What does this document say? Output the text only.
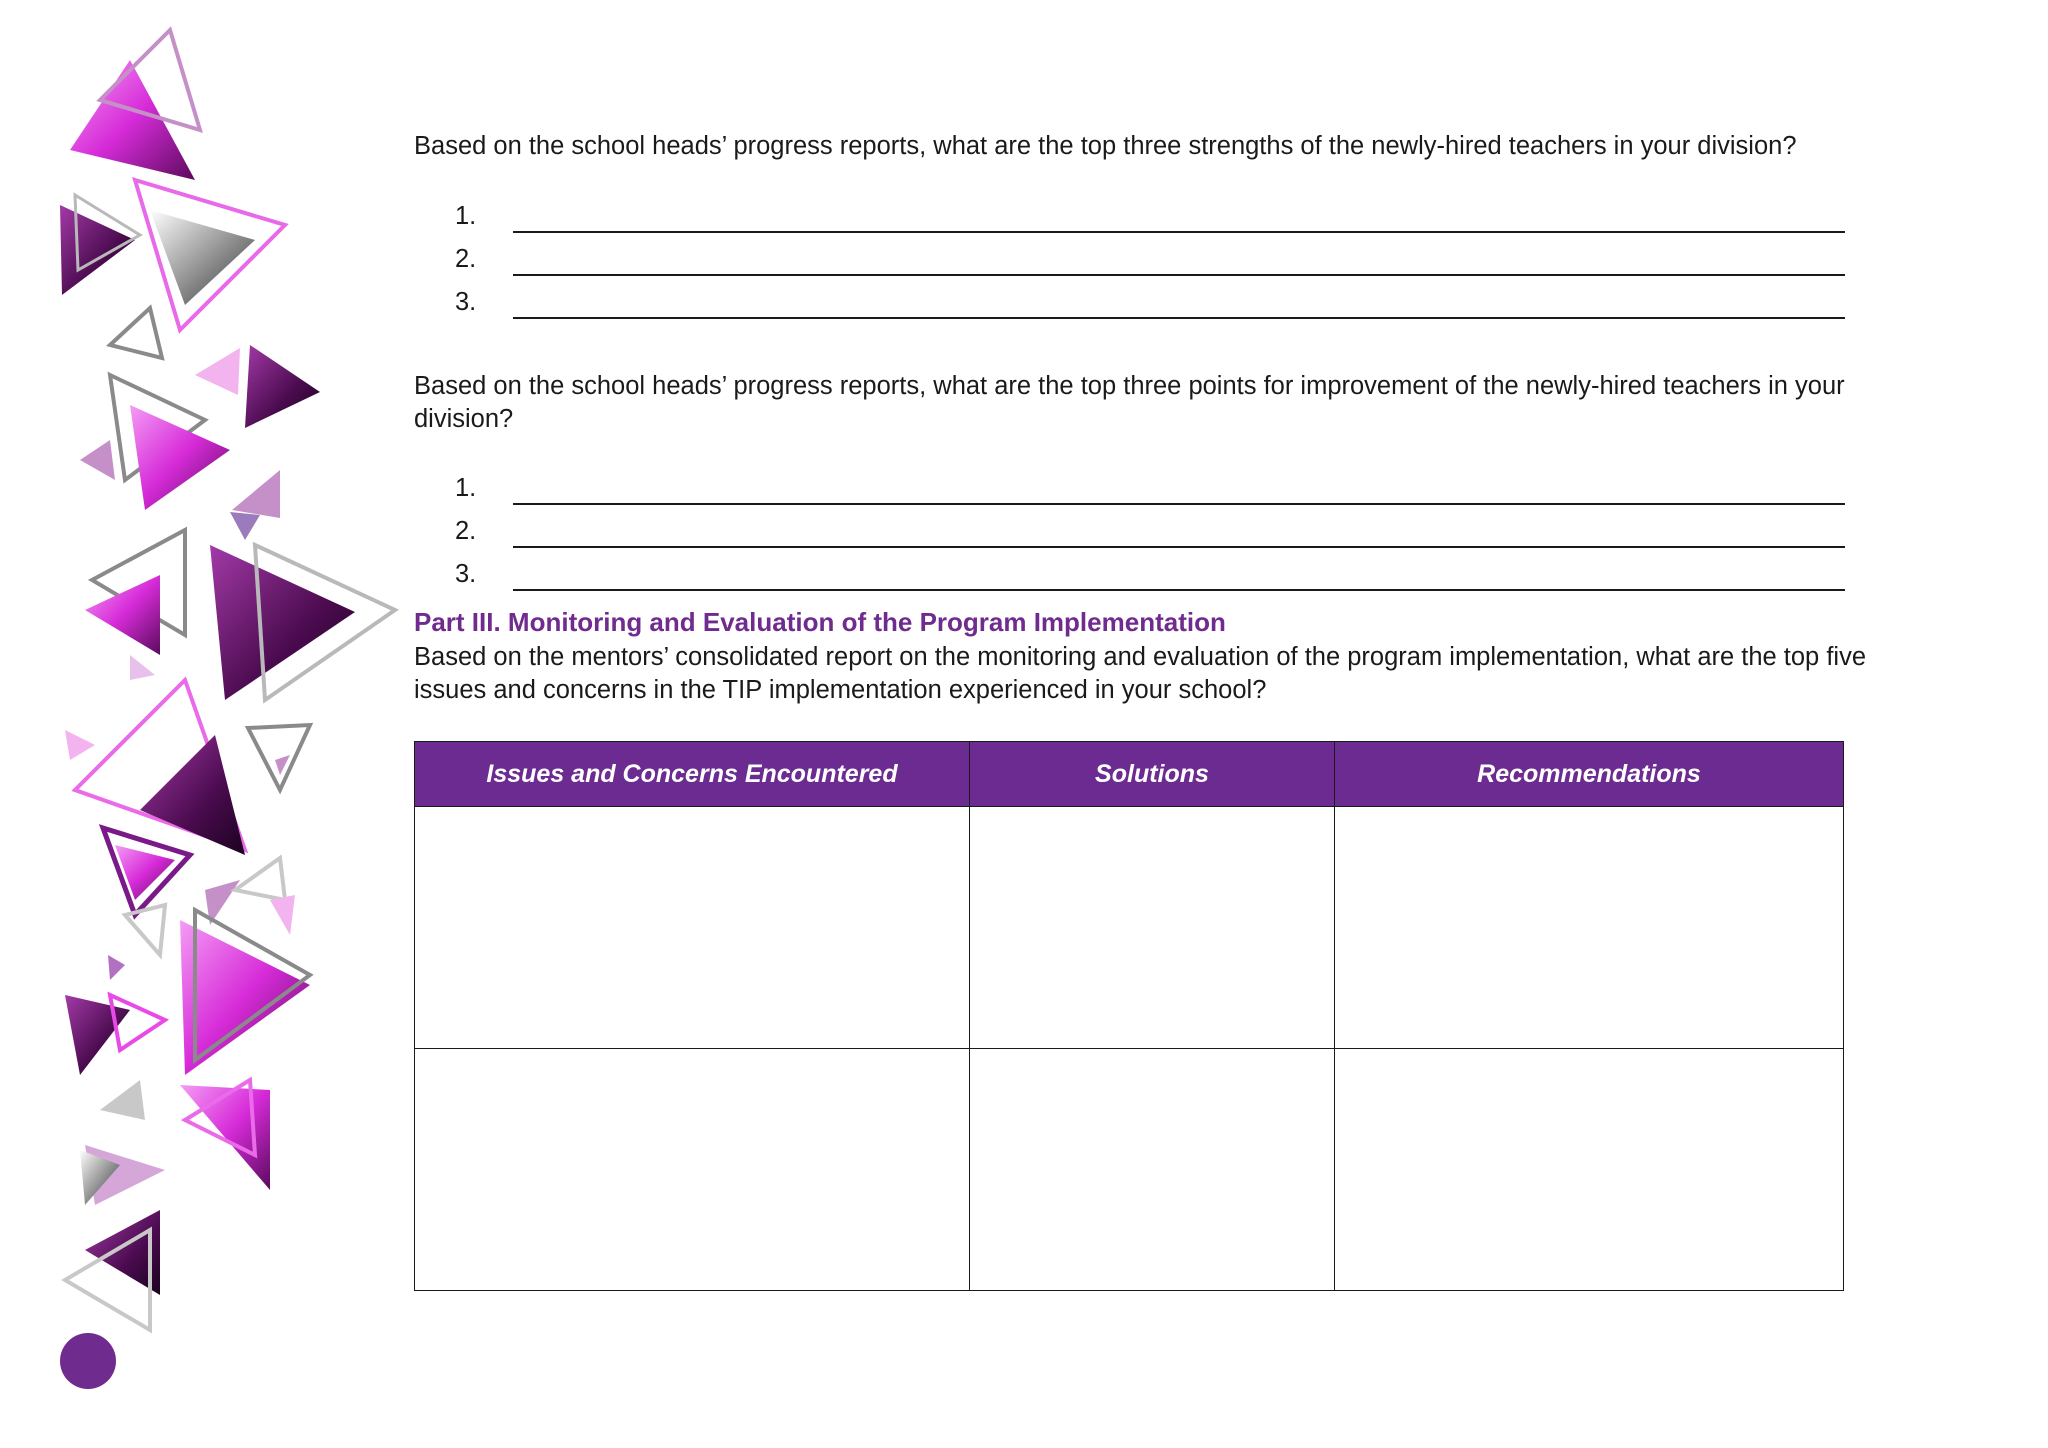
Based on the school heads’ progress reports, what are the top three strengths of the newly-hired teachers in your division?

1.
2.
3.

Based on the school heads’ progress reports, what are the top three points for improvement of the newly-hired teachers in your division?

1.
2.
3.
Part III. Monitoring and Evaluation of the Program Implementation

Based on the mentors’ consolidated report on the monitoring and evaluation of the program implementation, what are the top five issues and concerns in the TIP implementation experienced in your school?

Issues and Concerns Encountered	Solutions	Recommendations
